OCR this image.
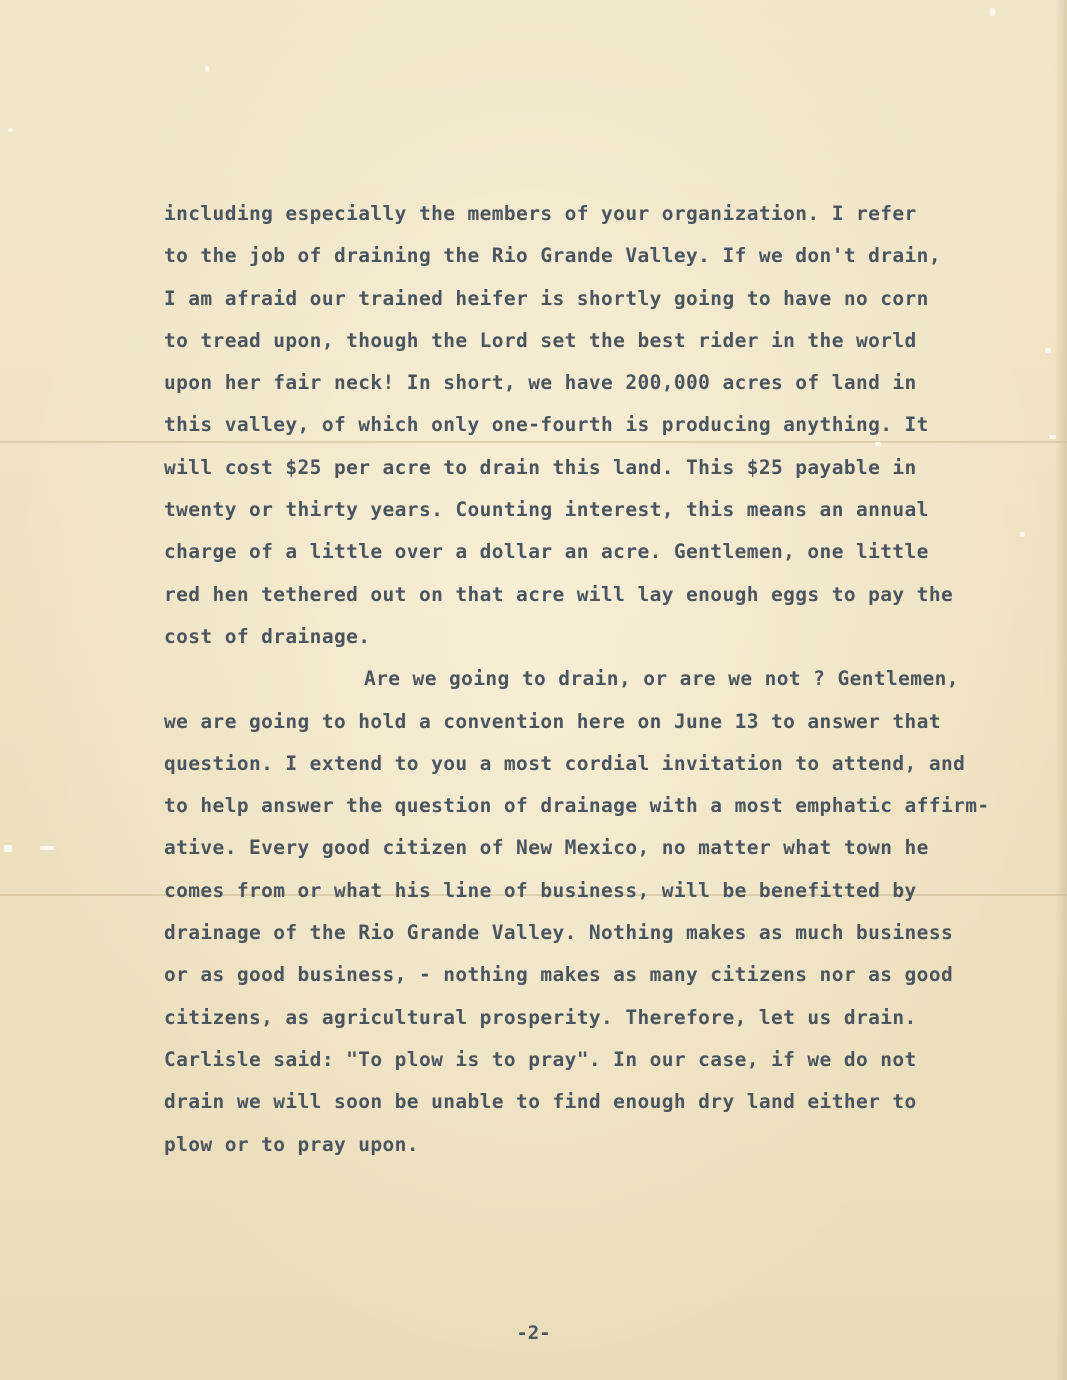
including especially the members of your organization. I refer
to the job of draining the Rio Grande Valley. If we don't drain,
I am afraid our trained heifer is shortly going to have no corn
to tread upon, though the Lord set the best rider in the world
upon her fair neck! In short, we have 200,000 acres of land in
this valley, of which only one-fourth is producing anything. It
will cost $25 per acre to drain this land. This $25 payable in
twenty or thirty years. Counting interest, this means an annual
charge of a little over a dollar an acre. Gentlemen, one little
red hen tethered out on that acre will lay enough eggs to pay the
cost of drainage.
Are we going to drain, or are we not ? Gentlemen,
we are going to hold a convention here on June 13 to answer that
question. I extend to you a most cordial invitation to attend, and
to help answer the question of drainage with a most emphatic affirm-
ative. Every good citizen of New Mexico, no matter what town he
comes from or what his line of business, will be benefitted by
drainage of the Rio Grande Valley. Nothing makes as much business
or as good business, - nothing makes as many citizens nor as good
citizens, as agricultural prosperity. Therefore, let us drain.
Carlisle said: "To plow is to pray". In our case, if we do not
drain we will soon be unable to find enough dry land either to
plow or to pray upon.
-2-
